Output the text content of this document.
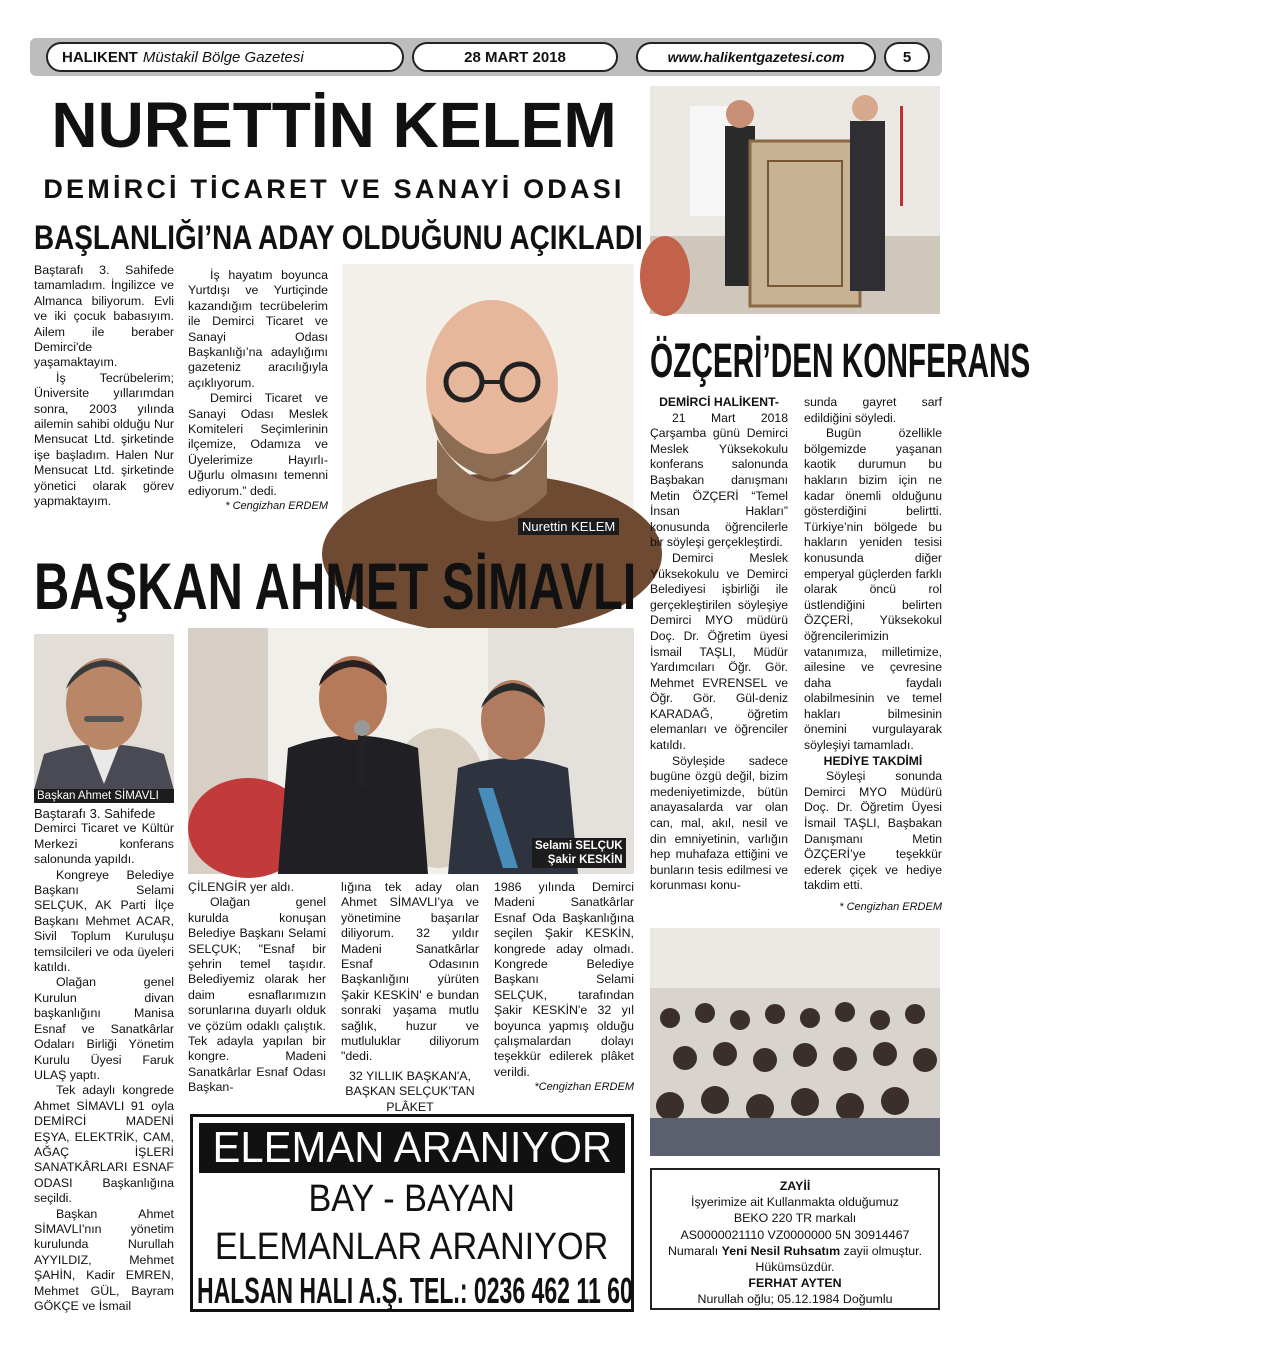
HALIKENT Müstakil Bölge Gazetesi	28 MART 2018	www.halikentgazetesi.com	5
NURETTİN KELEM
DEMİRCİ TİCARET VE SANAYİ ODASI
BAŞLANLIĞI’NA ADAY OLDUĞUNU AÇIKLADI

Baştarafı 3. Sahifede tamamladım. İngilizce ve Almanca biliyorum. Evli ve iki çocuk babasıyım. Ailem ile beraber Demirci'de yaşamaktayım.

İş Tecrübelerim; Üniversite yıllarımdan sonra, 2003 yılında ailemin sahibi olduğu Nur Mensucat Ltd. şirketinde işe başladım. Halen Nur Mensucat Ltd. şirketinde yönetici olarak görev yapmaktayım.

İş hayatım boyunca Yurtdışı ve Yurtiçinde kazandığım tecrübelerim ile Demirci Ticaret ve Sanayi Odası Başkanlığı’na adaylığımı gazeteniz aracılığıyla açıklıyorum.

Demirci Ticaret ve Sanayi Odası Meslek Komiteleri Seçimlerinin ilçemize, Odamıza ve Üyelerimize Hayırlı-Uğurlu olmasını temenni ediyorum.” dedi.

* Cengizhan ERDEM

Nurettin KELEM
ÖZÇERİ’DEN KONFERANS

DEMİRCİ HALİKENT-

21 Mart 2018 Çarşamba günü Demirci Meslek Yüksekokulu konferans salonunda Başbakan danışmanı Metin ÖZÇERİ “Temel İnsan Hakları” konusunda öğrencilerle bir söyleşi gerçekleştirdi.

Demirci Meslek Yüksekokulu ve Demirci Belediyesi işbirliği ile gerçekleştirilen söyleşiye Demirci MYO müdürü Doç. Dr. Öğretim üyesi İsmail TAŞLI, Müdür Yardımcıları Öğr. Gör. Mehmet EVRENSEL ve Öğr. Gör. Gül-deniz KARADAĞ, öğretim elemanları ve öğrenciler katıldı.

Söyleşide sadece bugüne özgü değil, bizim medeniyetimizde, bütün anayasalarda var olan can, mal, akıl, nesil ve din emniyetinin, varlığın hep muhafaza ettiğini ve bunların tesis edilmesi ve korunması konu-

sunda gayret sarf edildiğini söyledi.

Bugün özellikle bölgemizde yaşanan kaotik durumun bu hakların bizim için ne kadar önemli olduğunu gösterdiğini belirtti. Türkiye’nin bölgede bu hakların yeniden tesisi konusunda diğer emperyal güçlerden farklı olarak öncü rol üstlendiğini belirten ÖZÇERİ, Yüksekokul öğrencilerimizin vatanımıza, milletimize, ailesine ve çevresine daha faydalı olabilmesinin ve temel hakları bilmesinin önemini vurgulayarak söyleşiyi tamamladı.

HEDİYE TAKDİMİ

Söyleşi sonunda Demirci MYO Müdürü Doç. Dr. Öğretim Üyesi İsmail TAŞLI, Başbakan Danışmanı Metin ÖZÇERİ’ye teşekkür ederek çiçek ve hediye takdim etti.

* Cengizhan ERDEM

ZAYİİ
İşyerimize ait Kullanmakta olduğumuz
BEKO 220 TR markalı
AS0000021110 VZ0000000 5N 30914467
Numaralı Yeni Nesil Ruhsatım zayii olmuştur.
Hükümsüzdür.
FERHAT AYTEN
Nurullah oğlu; 05.12.1984 Doğumlu
BAŞKAN AHMET SİMAVLI
Başkan Ahmet SİMAVLI
Selami SELÇUK
Şakir KESKİN

Baştarafı 3. Sahifede

Demirci Ticaret ve Kültür Merkezi konferans salonunda yapıldı.

Kongreye Belediye Başkanı Selami SELÇUK, AK Parti İlçe Başkanı Mehmet ACAR, Sivil Toplum Kuruluşu temsilcileri ve oda üyeleri katıldı.

Olağan genel Kurulun divan başkanlığını Manisa Esnaf ve Sanatkârlar Odaları Birliği Yönetim Kurulu Üyesi Faruk ULAŞ yaptı.

Tek adaylı kongrede Ahmet SİMAVLI 91 oyla DEMİRCİ MADENİ EŞYA, ELEKTRİK, CAM, AĞAÇ İŞLERİ SANATKÂRLARI ESNAF ODASI Başkanlığına seçildi.

Başkan Ahmet SİMAVLI'nın yönetim kurulunda Nurullah AYYILDIZ, Mehmet ŞAHİN, Kadir EMREN, Mehmet GÜL, Bayram GÖKÇE ve İsmail

ÇİLENGİR yer aldı.

Olağan genel kurulda konuşan Belediye Başkanı Selami SELÇUK; "Esnaf bir şehrin temel taşıdır. Belediyemiz olarak her daim esnaflarımızın sorunlarına duyarlı olduk ve çözüm odaklı çalıştık. Tek adayla yapılan bir kongre. Madeni Sanatkârlar Esnaf Odası Başkan-

lığına tek aday olan Ahmet SİMAVLI’ya ve yönetimine başarılar diliyorum. 32 yıldır Madeni Sanatkârlar Esnaf Odasının Başkanlığını yürüten Şakir KESKİN' e bundan sonraki yaşama mutlu sağlık, huzur ve mutluluklar diliyorum "dedi.

32 YILLIK BAŞKAN'A, BAŞKAN SELÇUK'TAN PLÂKET

1986 yılında Demirci Madeni Sanatkârlar Esnaf Oda Başkanlığına seçilen Şakir KESKİN, kongrede aday olmadı. Kongrede Belediye Başkanı Selami SELÇUK, tarafından Şakir KESKİN'e 32 yıl boyunca yapmış olduğu çalışmalardan dolayı teşekkür edilerek plâket verildi.

*Cengizhan ERDEM

ELEMAN ARANIYOR
BAY - BAYAN
ELEMANLAR ARANIYOR
HALSAN HALI A.Ş. TEL.: 0236 462 11 60
